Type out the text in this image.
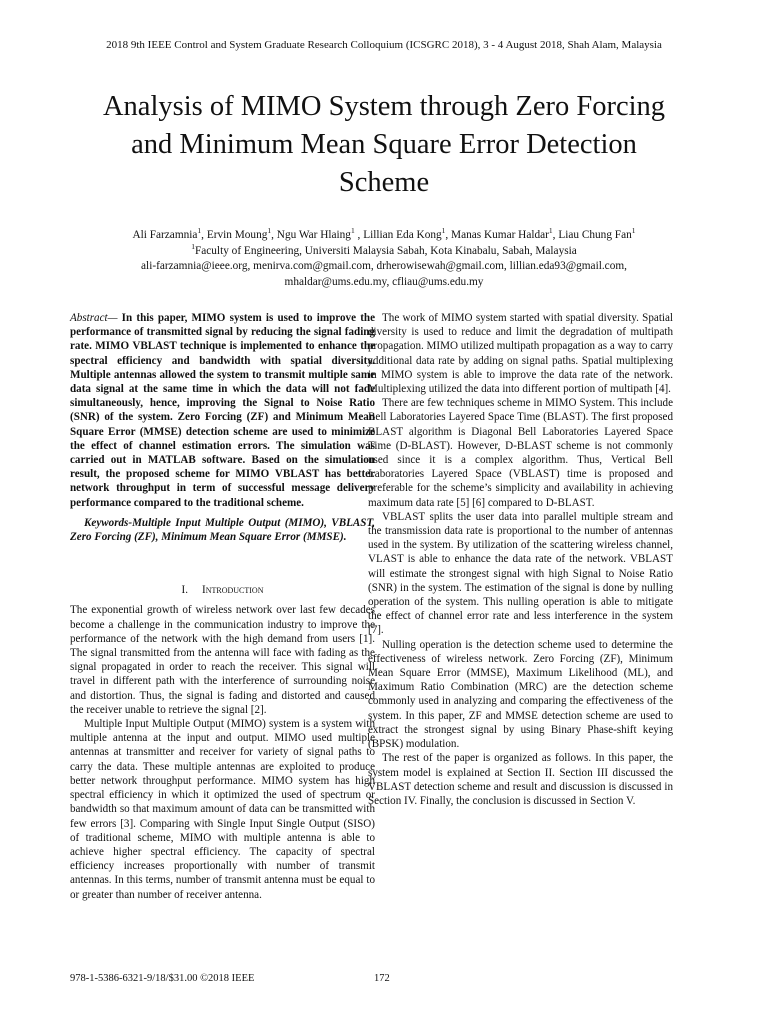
2018 9th IEEE Control and System Graduate Research Colloquium (ICSGRC 2018), 3 - 4 August 2018, Shah Alam, Malaysia
Analysis of MIMO System through Zero Forcing and Minimum Mean Square Error Detection Scheme
Ali Farzamnia$^1$, Ervin Moung$^1$, Ngu War Hlaing$^1$ , Lillian Eda Kong$^1$, Manas Kumar Haldar$^1$, Liau Chung Fan$^1$
$^1$Faculty of Engineering, Universiti Malaysia Sabah, Kota Kinabalu, Sabah, Malaysia
ali-farzamnia@ieee.org, menirva.com@gmail.com, drherowisewah@gmail.com, lillian.eda93@gmail.com,
mhaldar@ums.edu.my, cfliau@ums.edu.my

Abstract— In this paper, MIMO system is used to improve the performance of transmitted signal by reducing the signal fading rate. MIMO VBLAST technique is implemented to enhance the spectral efficiency and bandwidth with spatial diversity. Multiple antennas allowed the system to transmit multiple same data signal at the same time in which the data will not fade simultaneously, hence, improving the Signal to Noise Ratio (SNR) of the system. Zero Forcing (ZF) and Minimum Mean Square Error (MMSE) detection scheme are used to minimize the effect of channel estimation errors. The simulation was carried out in MATLAB software. Based on the simulation result, the proposed scheme for MIMO VBLAST has better network throughput in term of successful message delivery performance compared to the traditional scheme.

Keywords-Multiple Input Multiple Output (MIMO), VBLAST, Zero Forcing (ZF), Minimum Mean Square Error (MMSE).

I. Introduction

The exponential growth of wireless network over last few decades become a challenge in the communication industry to improve the performance of the network with the high demand from users [1]. The signal transmitted from the antenna will face with fading as the signal propagated in order to reach the receiver. This signal will travel in different path with the interference of surrounding noise and distortion. Thus, the signal is fading and distorted and caused the receiver unable to retrieve the signal [2].

Multiple Input Multiple Output (MIMO) system is a system with multiple antenna at the input and output. MIMO used multiple antennas at transmitter and receiver for variety of signal paths to carry the data. These multiple antennas are exploited to produce better network throughput performance. MIMO system has high spectral efficiency in which it optimized the used of spectrum or bandwidth so that maximum amount of data can be transmitted with few errors [3]. Comparing with Single Input Single Output (SISO) of traditional scheme, MIMO with multiple antenna is able to achieve higher spectral efficiency. The capacity of spectral efficiency increases proportionally with number of transmit antennas. In this terms, number of transmit antenna must be equal to or greater than number of receiver antenna.

The work of MIMO system started with spatial diversity. Spatial diversity is used to reduce and limit the degradation of multipath propagation. MIMO utilized multipath propagation as a way to carry additional data rate by adding on signal paths. Spatial multiplexing in MIMO system is able to improve the data rate of the network. Multiplexing utilized the data into different portion of multipath [4].

There are few techniques scheme in MIMO System. This include Bell Laboratories Layered Space Time (BLAST). The first proposed BLAST algorithm is Diagonal Bell Laboratories Layered Space Time (D-BLAST). However, D-BLAST scheme is not commonly used since it is a complex algorithm. Thus, Vertical Bell Laboratories Layered Space (VBLAST) time is proposed and preferable for the scheme’s simplicity and availability in achieving maximum data rate [5] [6] compared to D-BLAST.

VBLAST splits the user data into parallel multiple stream and the transmission data rate is proportional to the number of antennas used in the system. By utilization of the scattering wireless channel, VLAST is able to enhance the data rate of the network. VBLAST will estimate the strongest signal with high Signal to Noise Ratio (SNR) in the system. The estimation of the signal is done by nulling operation of the system. This nulling operation is able to mitigate the effect of channel error rate and less interference in the system [7].

Nulling operation is the detection scheme used to determine the effectiveness of wireless network. Zero Forcing (ZF), Minimum Mean Square Error (MMSE), Maximum Likelihood (ML), and Maximum Ratio Combination (MRC) are the detection scheme commonly used in analyzing and comparing the effectiveness of the system. In this paper, ZF and MMSE detection scheme are used to extract the strongest signal by using Binary Phase-shift keying (BPSK) modulation.

The rest of the paper is organized as follows. In this paper, the system model is explained at Section II. Section III discussed the VBLAST detection scheme and result and discussion is discussed in Section IV. Finally, the conclusion is discussed in Section V.

978-1-5386-6321-9/18/$31.00 ©2018 IEEE	172
